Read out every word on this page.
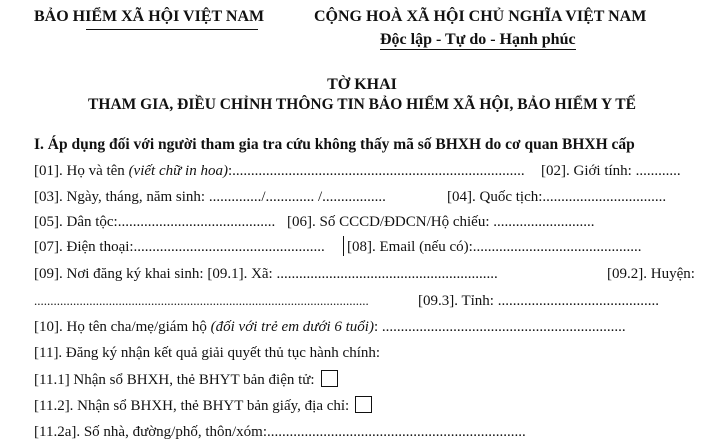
BẢO HIỂM XÃ HỘI VIỆT NAM	CỘNG HOÀ XÃ HỘI CHỦ NGHĨA VIỆT NAM
Độc lập - Tự do - Hạnh phúc
TỜ KHAI
THAM GIA, ĐIỀU CHỈNH THÔNG TIN BẢO HIỂM XÃ HỘI, BẢO HIỂM Y TẾ
I. Áp dụng đối với người tham gia tra cứu không thấy mã số BHXH do cơ quan BHXH cấp
[01]. Họ và tên (viết chữ in hoa):.............................................................................. [02]. Giới tính: ............
[03]. Ngày, tháng, năm sinh: ............../............. /.................	[04]. Quốc tịch:.................................
[05]. Dân tộc:.......................................... [06]. Số CCCD/ĐDCN/Hộ chiếu: ...........................
[07]. Điện thoại:................................................... [08]. Email (nếu có):.............................................
[09]. Nơi đăng ký khai sinh: [09.1]. Xã: ...........................................................	[09.2]. Huyện:
.......................................................................................................	[09.3]. Tỉnh: ...........................................
[10]. Họ tên cha/mẹ/giám hộ (đối với trẻ em dưới 6 tuổi): .................................................................
[11]. Đăng ký nhận kết quả giải quyết thủ tục hành chính:
[11.1] Nhận sổ BHXH, thẻ BHYT bản điện tử:
[11.2]. Nhận sổ BHXH, thẻ BHYT bản giấy, địa chỉ:
[11.2a]. Số nhà, đường/phố, thôn/xóm:.....................................................................
